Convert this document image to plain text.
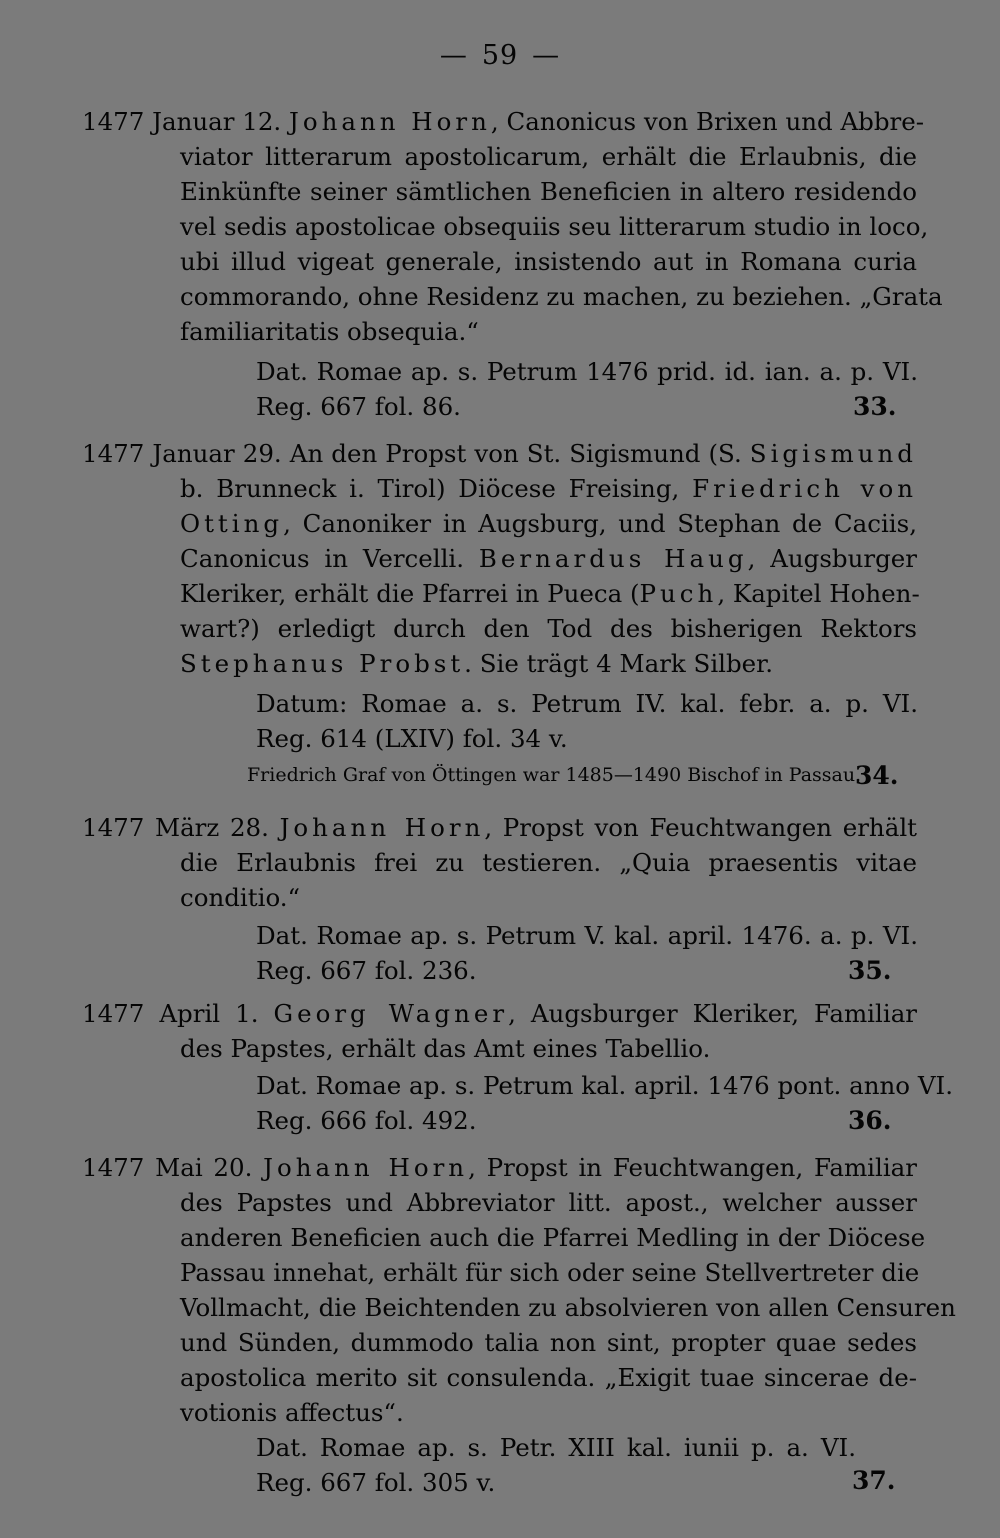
— 59 —
1477 Januar 12. Johann Horn, Canonicus von Brixen und Abbre-
viator litterarum apostolicarum, erhält die Erlaubnis, die
Einkünfte seiner sämtlichen Beneficien in altero residendo
vel sedis apostolicae obsequiis seu litterarum studio in loco,
ubi illud vigeat generale, insistendo aut in Romana curia
commorando, ohne Residenz zu machen, zu beziehen. „Grata
familiaritatis obsequia.“
Dat. Romae ap. s. Petrum 1476 prid. id. ian. a. p. VI.
Reg. 667 fol. 86.	33.
1477 Januar 29. An den Propst von St. Sigismund (S. Sigismund
b. Brunneck i. Tirol) Diöcese Freising, Friedrich von
Otting, Canoniker in Augsburg, und Stephan de Caciis,
Canonicus in Vercelli. Bernardus Haug, Augsburger
Kleriker, erhält die Pfarrei in Pueca (Puch, Kapitel Hohen-
wart?) erledigt durch den Tod des bisherigen Rektors
Stephanus Probst. Sie trägt 4 Mark Silber.
Datum: Romae a. s. Petrum IV. kal. febr. a. p. VI.
Reg. 614 (LXIV) fol. 34 v.
Friedrich Graf von Öttingen war 1485—1490 Bischof in Passau.
34.
1477 März 28. Johann Horn, Propst von Feuchtwangen erhält
die Erlaubnis frei zu testieren. „Quia praesentis vitae
conditio.“
Dat. Romae ap. s. Petrum V. kal. april. 1476. a. p. VI.
Reg. 667 fol. 236.	35.
1477 April 1. Georg Wagner, Augsburger Kleriker, Familiar
des Papstes, erhält das Amt eines Tabellio.
Dat. Romae ap. s. Petrum kal. april. 1476 pont. anno VI.
Reg. 666 fol. 492.	36.
1477 Mai 20. Johann Horn, Propst in Feuchtwangen, Familiar
des Papstes und Abbreviator litt. apost., welcher ausser
anderen Beneficien auch die Pfarrei Medling in der Diöcese
Passau innehat, erhält für sich oder seine Stellvertreter die
Vollmacht, die Beichtenden zu absolvieren von allen Censuren
und Sünden, dummodo talia non sint, propter quae sedes
apostolica merito sit consulenda. „Exigit tuae sincerae de-
votionis affectus“.
Dat. Romae ap. s. Petr. XIII kal. iunii p. a. VI.
Reg. 667 fol. 305 v.	37.
